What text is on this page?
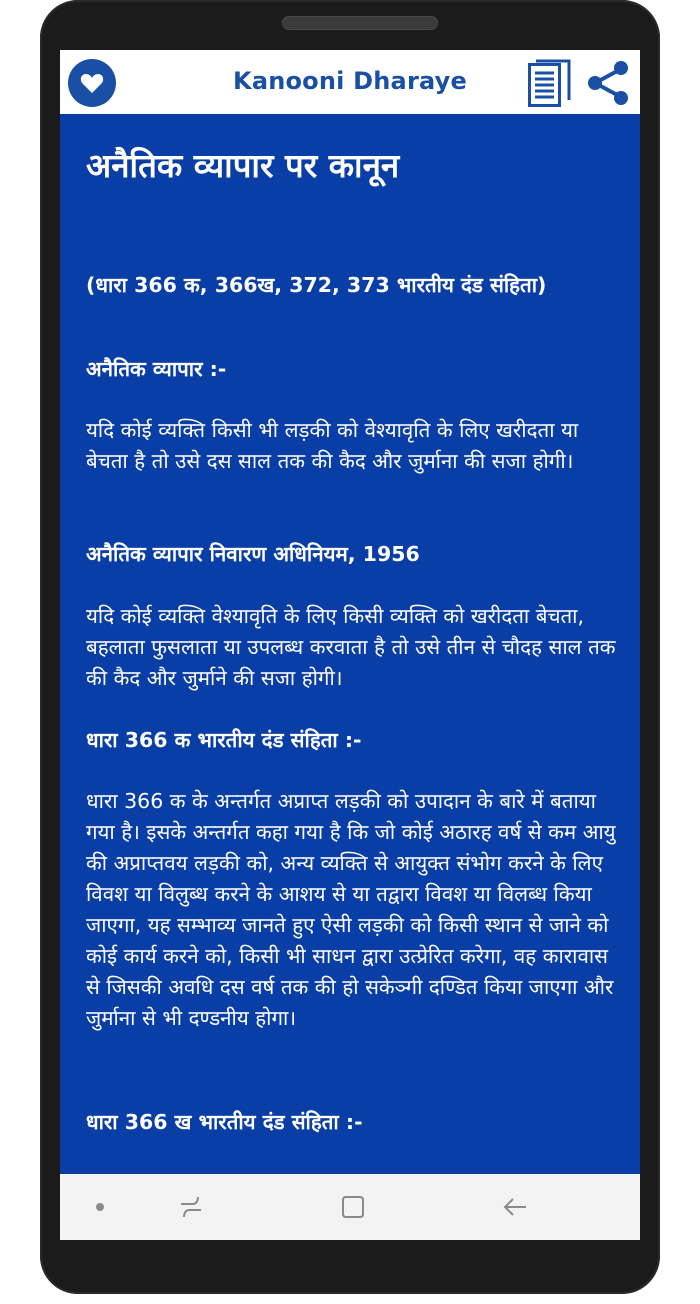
Kanooni Dharaye
अनैतिक व्यापार पर कानून

(धारा 366 क, 366ख, 372, 373 भारतीय दंड संहिता)

अनैतिक व्यापार :-

यदि कोई व्यक्ति किसी भी लड़की को वेश्यावृति के लिए खरीदता या बेचता है तो उसे दस साल तक की कैद और जुर्माना की सजा होगी।

अनैतिक व्यापार निवारण अधिनियम, 1956

यदि कोई व्यक्ति वेश्यावृति के लिए किसी व्यक्ति को खरीदता बेचता, बहलाता फुसलाता या उपलब्ध करवाता है तो उसे तीन से चौदह साल तक की कैद और जुर्माने की सजा होगी।

धारा 366 क भारतीय दंड संहिता :-

धारा 366 क के अन्तर्गत अप्राप्त लड़की को उपादान के बारे में बताया गया है। इसके अन्तर्गत कहा गया है कि जो कोई अठारह वर्ष से कम आयु की अप्राप्तवय लड़की को, अन्य व्यक्ति से आयुक्त संभोग करने के लिए विवश या विलुब्ध करने के आशय से या तद्वारा विवश या विलब्ध किया जाएगा, यह सम्भाव्य जानते हुए ऐसी लड़की को किसी स्थान से जाने को कोई कार्य करने को, किसी भी साधन द्वारा उत्प्रेरित करेगा, वह कारावास से जिसकी अवधि दस वर्ष तक की हो सकेञ्गी दण्डित किया जाएगा और जुर्माना से भी दण्डनीय होगा।

धारा 366 ख भारतीय दंड संहिता :-
